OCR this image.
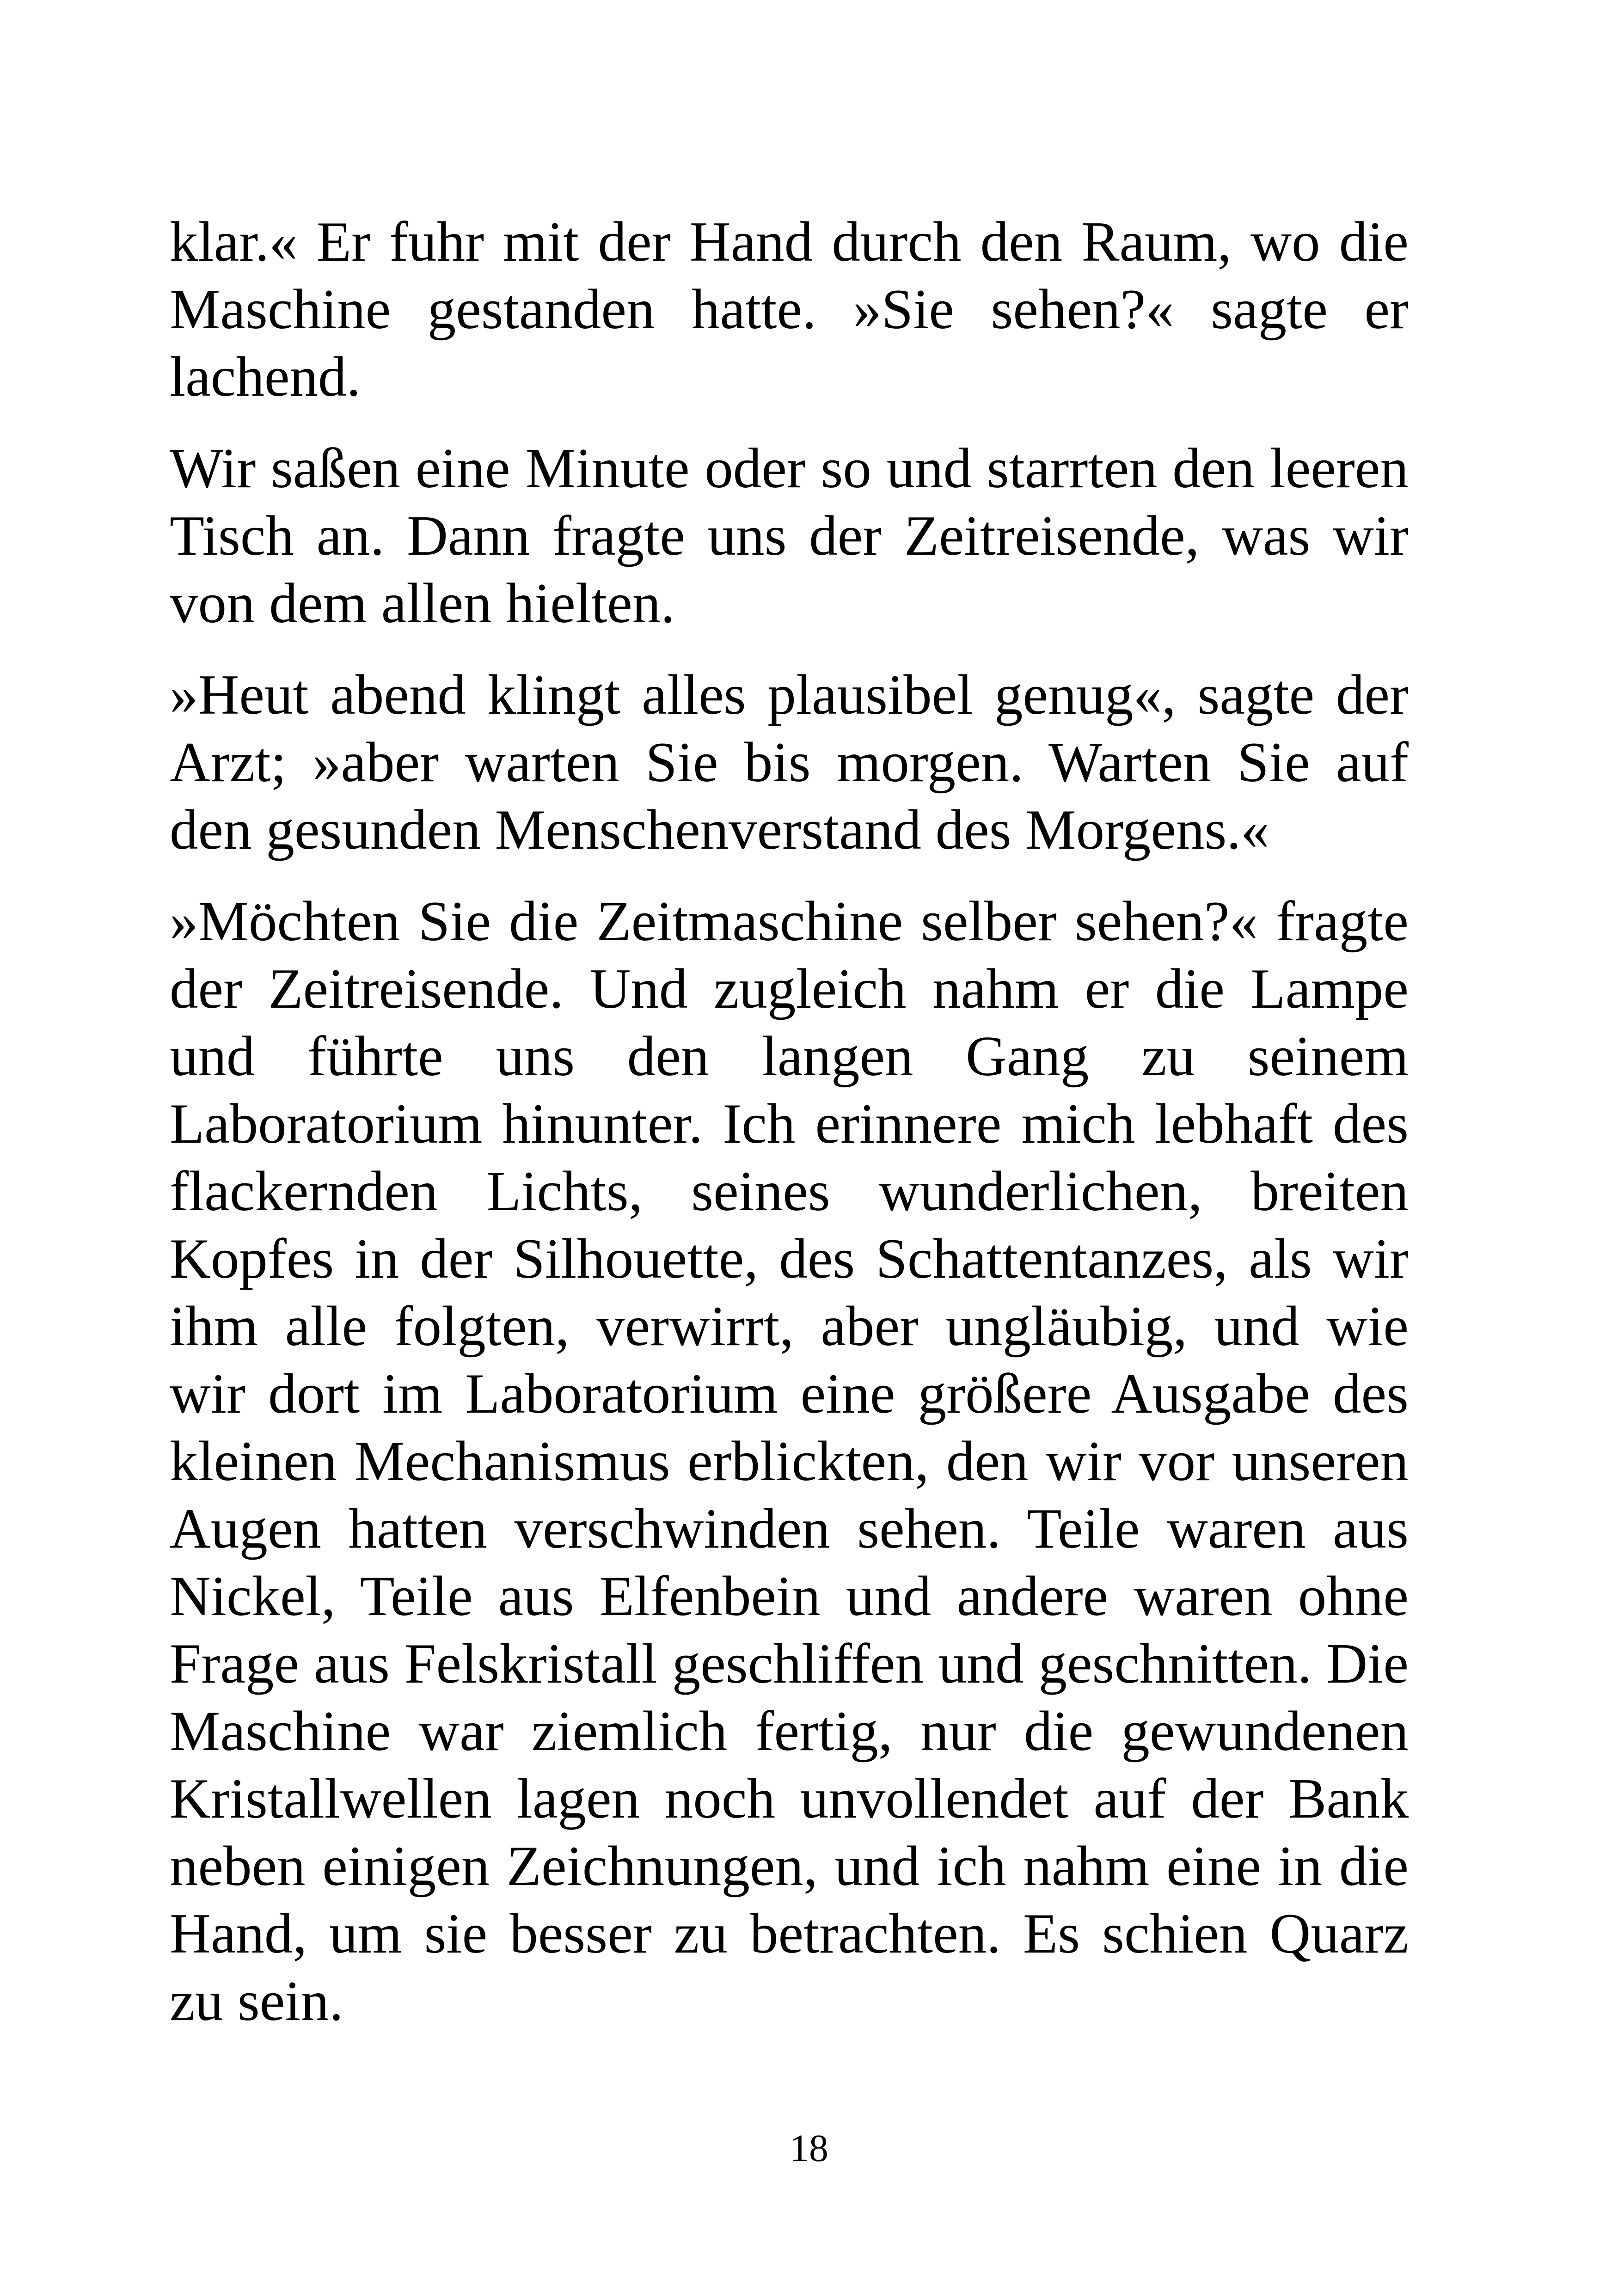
klar.« Er fuhr mit der Hand durch den Raum, wo die Maschine gestanden hatte. »Sie sehen?« sagte er lachend.

Wir saßen eine Minute oder so und starrten den leeren Tisch an. Dann fragte uns der Zeitreisende, was wir von dem allen hielten.

»Heut abend klingt alles plausibel genug«, sagte der Arzt; »aber warten Sie bis morgen. Warten Sie auf den gesunden Menschenverstand des Morgens.«

»Möchten Sie die Zeitmaschine selber sehen?« fragte der Zeitreisende. Und zugleich nahm er die Lampe und führte uns den langen Gang zu seinem Laboratorium hinunter. Ich erinnere mich lebhaft des flackernden Lichts, seines wunderlichen, breiten Kopfes in der Silhouette, des Schattentanzes, als wir ihm alle folgten, verwirrt, aber ungläubig, und wie wir dort im Laboratorium eine größere Ausgabe des kleinen Mechanismus erblickten, den wir vor unseren Augen hatten verschwinden sehen. Teile waren aus Nickel, Teile aus Elfenbein und andere waren ohne Frage aus Felskristall geschliffen und geschnitten. Die Maschine war ziemlich fertig, nur die gewundenen Kristallwellen lagen noch unvollendet auf der Bank neben einigen Zeichnungen, und ich nahm eine in die Hand, um sie besser zu betrachten. Es schien Quarz zu sein.

18
